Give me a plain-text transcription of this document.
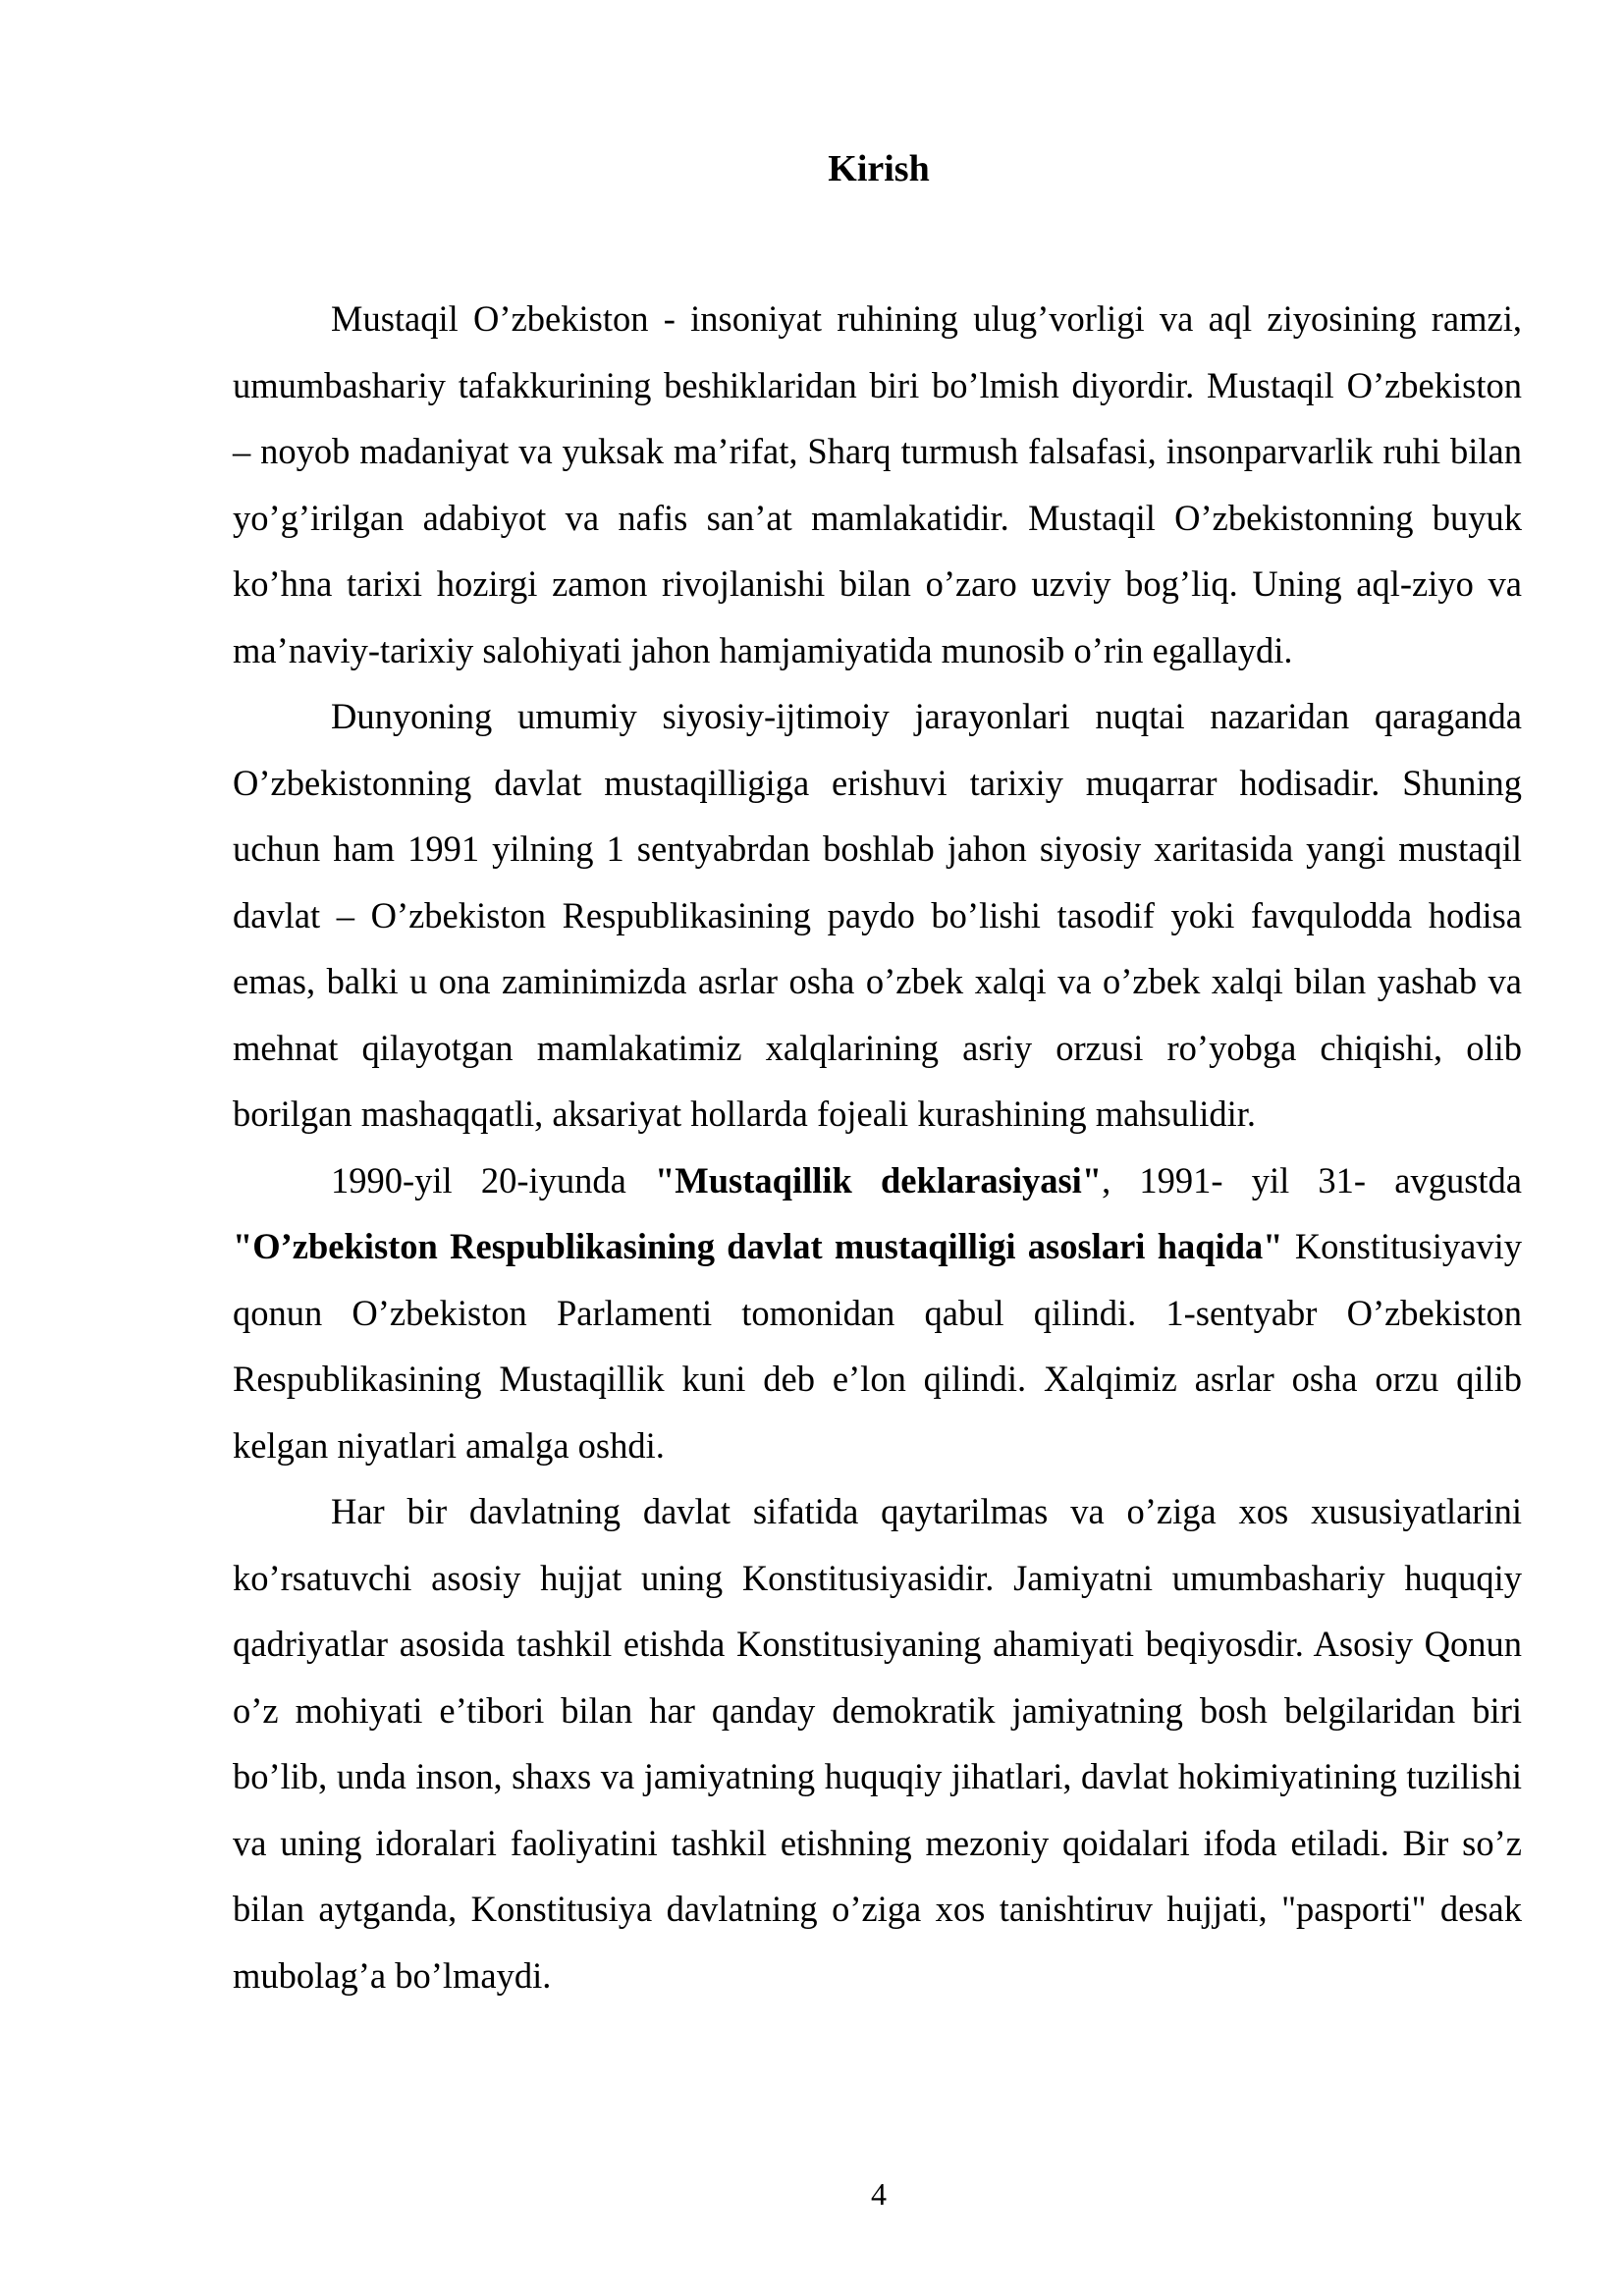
Kirish

Mustaqil O’zbekiston - insoniyat ruhining ulug’vorligi va aql ziyosining ramzi, umumbashariy tafakkurining beshiklaridan biri bo’lmish diyordir. Mustaqil O’zbekiston – noyob madaniyat va yuksak ma’rifat, Sharq turmush falsafasi, insonparvarlik ruhi bilan yo’g’irilgan adabiyot va nafis san’at mamlakatidir. Mustaqil O’zbekistonning buyuk ko’hna tarixi hozirgi zamon rivojlanishi bilan o’zaro uzviy bog’liq. Uning aql-ziyo va ma’naviy-tarixiy salohiyati jahon hamjamiyatida munosib o’rin egallaydi.

Dunyoning umumiy siyosiy-ijtimoiy jarayonlari nuqtai nazaridan qaraganda O’zbekistonning davlat mustaqilligiga erishuvi tarixiy muqarrar hodisadir. Shuning uchun ham 1991 yilning 1 sentyabrdan boshlab jahon siyosiy xaritasida yangi mustaqil davlat – O’zbekiston Respublikasining paydo bo’lishi tasodif yoki favqulodda hodisa emas, balki u ona zaminimizda asrlar osha o’zbek xalqi va o’zbek xalqi bilan yashab va mehnat qilayotgan mamlakatimiz xalqlarining asriy orzusi ro’yobga chiqishi, olib borilgan mashaqqatli, aksariyat hollarda fojeali kurashining mahsulidir.

1990-yil 20-iyunda "Mustaqillik deklarasiyasi", 1991- yil 31- avgustda "O’zbekiston Respublikasining davlat mustaqilligi asoslari haqida" Konstitusiyaviy qonun O’zbekiston Parlamenti tomonidan qabul qilindi. 1-sentyabr O’zbekiston Respublikasining Mustaqillik kuni deb e’lon qilindi. Xalqimiz asrlar osha orzu qilib kelgan niyatlari amalga oshdi.

Har bir davlatning davlat sifatida qaytarilmas va o’ziga xos xususiyatlarini ko’rsatuvchi asosiy hujjat uning Konstitusiyasidir. Jamiyatni umumbashariy huquqiy qadriyatlar asosida tashkil etishda Konstitusiyaning ahamiyati beqiyosdir. Asosiy Qonun o’z mohiyati e’tibori bilan har qanday demokratik jamiyatning bosh belgilaridan biri bo’lib, unda inson, shaxs va jamiyatning huquqiy jihatlari, davlat hokimiyatining tuzilishi va uning idoralari faoliyatini tashkil etishning mezoniy qoidalari ifoda etiladi. Bir so’z bilan aytganda, Konstitusiya davlatning o’ziga xos tanishtiruv hujjati, "pasporti" desak mubolag’a bo’lmaydi.

4
